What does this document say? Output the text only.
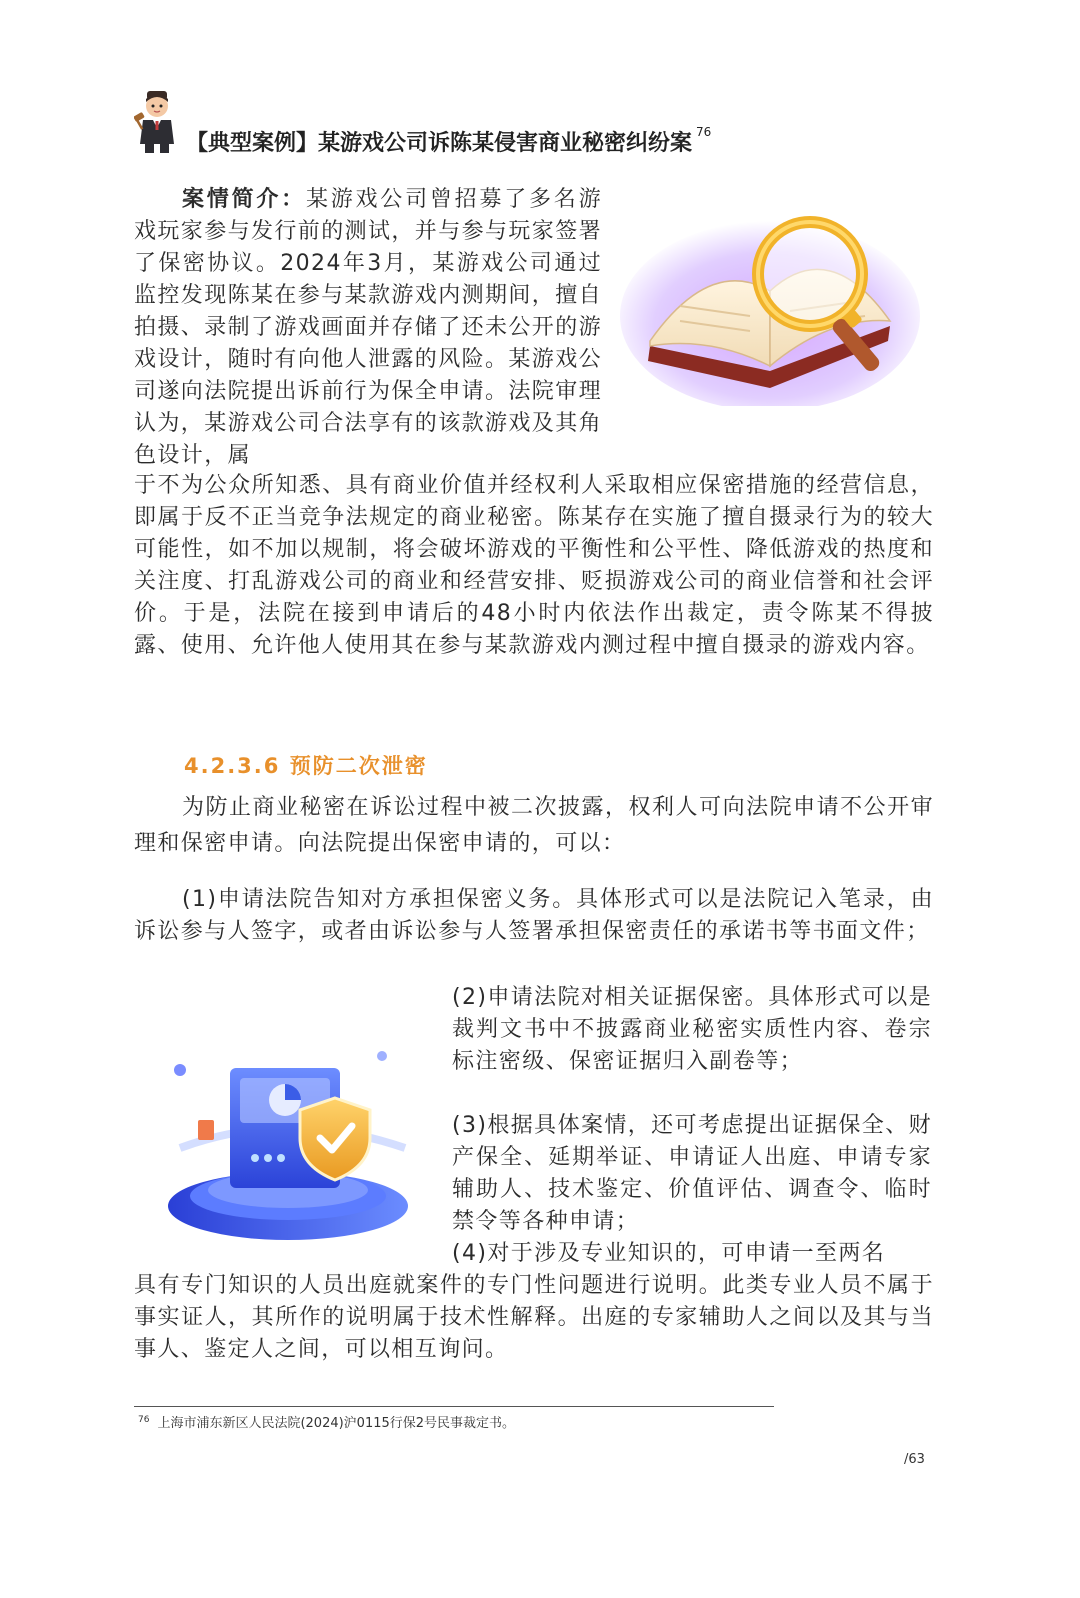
【典型案例】某游戏公司诉陈某侵害商业秘密纠纷案 $^{76}$

案情简介：某游戏公司曾招募了多名游戏玩家参与发行前的测试，并与参与玩家签署了保密协议。2024年3月，某游戏公司通过监控发现陈某在参与某款游戏内测期间，擅自拍摄、录制了游戏画面并存储了还未公开的游戏设计，随时有向他人泄露的风险。某游戏公司遂向法院提出诉前行为保全申请。法院审理认为，某游戏公司合法享有的该款游戏及其角色设计，属

于不为公众所知悉、具有商业价值并经权利人采取相应保密措施的经营信息，即属于反不正当竞争法规定的商业秘密。陈某存在实施了擅自摄录行为的较大可能性，如不加以规制，将会破坏游戏的平衡性和公平性、降低游戏的热度和关注度、打乱游戏公司的商业和经营安排、贬损游戏公司的商业信誉和社会评价。于是，法院在接到申请后的48小时内依法作出裁定，责令陈某不得披露、使用、允许他人使用其在参与某款游戏内测过程中擅自摄录的游戏内容。

4.2.3.6 预防二次泄密

为防止商业秘密在诉讼过程中被二次披露，权利人可向法院申请不公开审理和保密申请。向法院提出保密申请的，可以：

(1)申请法院告知对方承担保密义务。具体形式可以是法院记入笔录，由诉讼参与人签字，或者由诉讼参与人签署承担保密责任的承诺书等书面文件；

(2)申请法院对相关证据保密。具体形式可以是裁判文书中不披露商业秘密实质性内容、卷宗标注密级、保密证据归入副卷等；

(3)根据具体案情，还可考虑提出证据保全、财产保全、延期举证、申请证人出庭、申请专家辅助人、技术鉴定、价值评估、调查令、临时禁令等各种申请；

(4)对于涉及专业知识的，可申请一至两名

具有专门知识的人员出庭就案件的专门性问题进行说明。此类专业人员不属于事实证人，其所作的说明属于技术性解释。出庭的专家辅助人之间以及其与当事人、鉴定人之间，可以相互询问。

$^{76}$ 上海市浦东新区人民法院(2024)沪0115行保2号民事裁定书。
/63
